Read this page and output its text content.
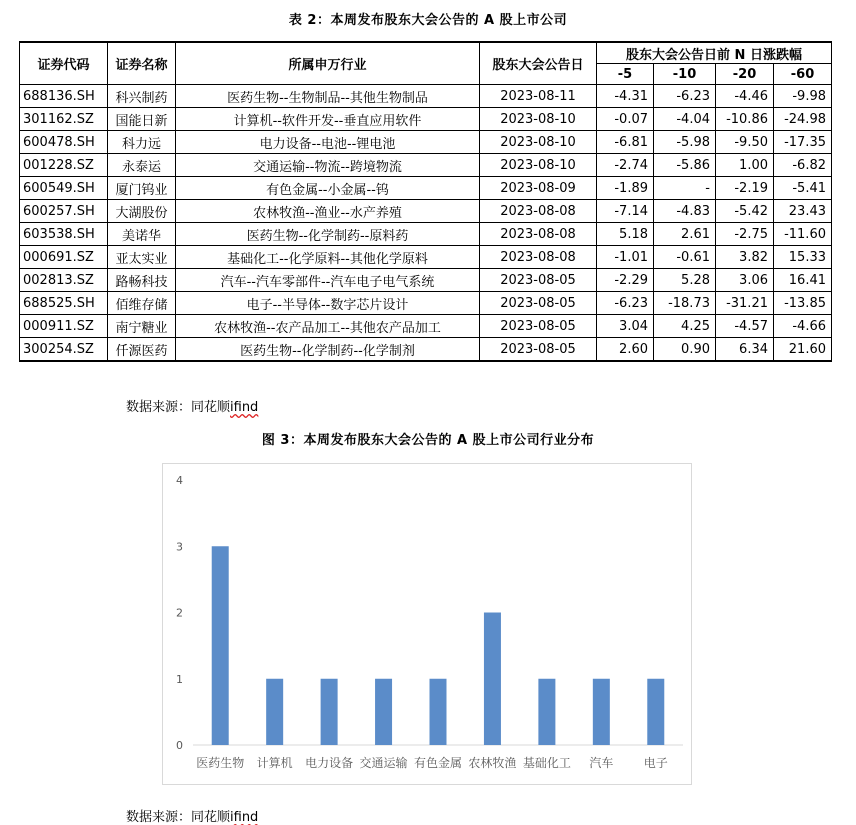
表 2：本周发布股东大会公告的 A 股上市公司
证券代码	证券名称	所属申万行业	股东大会公告日	股东大会公告日前 N 日涨跌幅			
				-5	-10	-20	-60
688136.SH	科兴制药	医药生物--生物制品--其他生物制品	2023-08-11	-4.31	-6.23	-4.46	-9.98
301162.SZ	国能日新	计算机--软件开发--垂直应用软件	2023-08-10	-0.07	-4.04	-10.86	-24.98
600478.SH	科力远	电力设备--电池--锂电池	2023-08-10	-6.81	-5.98	-9.50	-17.35
001228.SZ	永泰运	交通运输--物流--跨境物流	2023-08-10	-2.74	-5.86	1.00	-6.82
600549.SH	厦门钨业	有色金属--小金属--钨	2023-08-09	-1.89	-	-2.19	-5.41
600257.SH	大湖股份	农林牧渔--渔业--水产养殖	2023-08-08	-7.14	-4.83	-5.42	23.43
603538.SH	美诺华	医药生物--化学制药--原料药	2023-08-08	5.18	2.61	-2.75	-11.60
000691.SZ	亚太实业	基础化工--化学原料--其他化学原料	2023-08-08	-1.01	-0.61	3.82	15.33
002813.SZ	路畅科技	汽车--汽车零部件--汽车电子电气系统	2023-08-05	-2.29	5.28	3.06	16.41
688525.SH	佰维存储	电子--半导体--数字芯片设计	2023-08-05	-6.23	-18.73	-31.21	-13.85
000911.SZ	南宁糖业	农林牧渔--农产品加工--其他农产品加工	2023-08-05	3.04	4.25	-4.57	-4.66
300254.SZ	仟源医药	医药生物--化学制药--化学制剂	2023-08-05	2.60	0.90	6.34	21.60
数据来源：同花顺ifind
图 3：本周发布股东大会公告的 A 股上市公司行业分布
0
1
2
3
4
医药生物 计算机 电力设备 交通运输 有色金属 农林牧渔 基础化工 汽车	电子
数据来源：同花顺ifind
